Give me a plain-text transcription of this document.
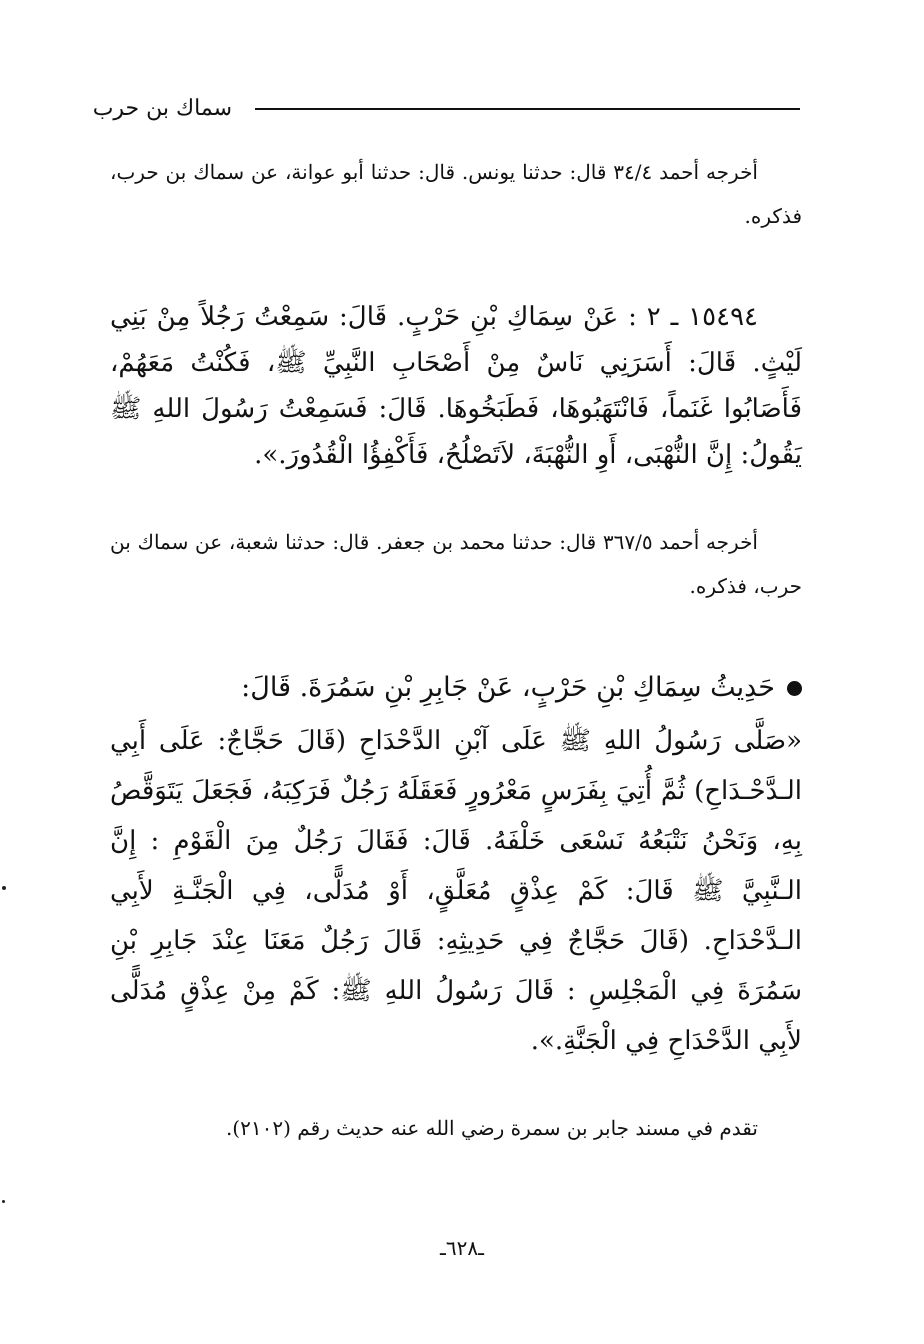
سماك بن حرب

أخرجه أحمد ٣٤/٤ قال: حدثنا يونس. قال: حدثنا أبو عوانة، عن سماك بن حرب، فذكره.

١٥٤٩٤ ـ ٢ : عَنْ سِمَاكِ بْنِ حَرْبٍ. قَالَ: سَمِعْتُ رَجُلاً مِنْ بَنِي لَيْثٍ. قَالَ: أَسَرَنِي نَاسٌ مِنْ أَصْحَابِ النَّبِيِّ ﷺ، فَكُنْتُ مَعَهُمْ، فَأَصَابُوا غَنَماً، فَانْتَهَبُوهَا، فَطَبَخُوهَا. قَالَ: فَسَمِعْتُ رَسُولَ اللهِ ﷺ يَقُولُ: إِنَّ النُّهْبَى، أَوِ النُّهْبَةَ، لاَتَصْلُحُ، فَأَكْفِؤُا الْقُدُورَ.».

أخرجه أحمد ٣٦٧/٥ قال: حدثنا محمد بن جعفر. قال: حدثنا شعبة، عن سماك بن حرب، فذكره.

حَدِيثُ سِمَاكِ بْنِ حَرْبٍ، عَنْ جَابِرِ بْنِ سَمُرَةَ. قَالَ:

«صَلَّى رَسُولُ اللهِ ﷺ عَلَى آبْنِ الدَّحْدَاحِ (قَالَ حَجَّاجٌ: عَلَى أَبِي الـدَّحْـدَاحِ) ثُمَّ أُتِيَ بِفَرَسٍ مَعْرُورٍ فَعَقَلَهُ رَجُلٌ فَرَكِبَهُ، فَجَعَلَ يَتَوَقَّصُ بِهِ، وَنَحْنُ نَتْبَعُهُ نَسْعَى خَلْفَهُ. قَالَ: فَقَالَ رَجُلٌ مِنَ الْقَوْمِ : إِنَّ الـنَّبِيَّ ﷺ قَالَ: كَمْ عِذْقٍ مُعَلَّقٍ، أَوْ مُدَلًّى، فِي الْجَنَّـةِ لأَبِي الـدَّحْدَاحِ. (قَالَ حَجَّاجٌ فِي حَدِيثِهِ: قَالَ رَجُلٌ مَعَنَا عِنْدَ جَابِرِ بْنِ سَمُرَةَ فِي الْمَجْلِسِ : قَالَ رَسُولُ اللهِ ﷺ: كَمْ مِنْ عِذْقٍ مُدَلًّى لأَبِي الدَّحْدَاحِ فِي الْجَنَّةِ.».

تقدم في مسند جابر بن سمرة رضي الله عنه حديث رقم (٢١٠٢).

ـ٦٢٨ـ
